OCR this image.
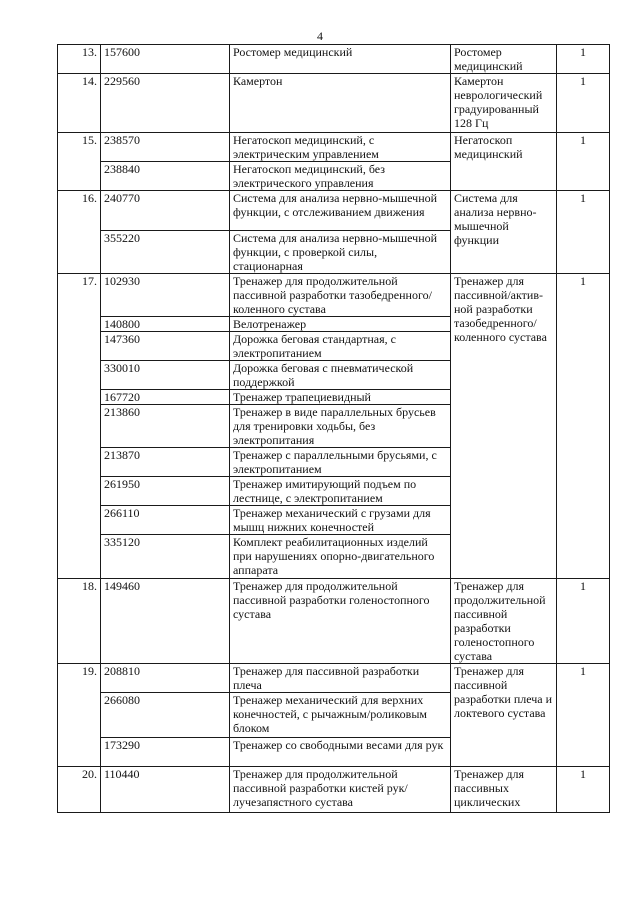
4
13.	157600	Ростомер медицинский	Ростомер медицинский	1
14.	229560	Камертон	Камертон неврологический градуированный 128 Гц	1
15.	238570	Негатоскоп медицинский, с электрическим управлением	Негатоскоп медицинский	1
	238840	Негатоскоп медицинский, без электрического управления		
16.	240770	Система для анализа нервно-мышечной функции, с отслеживанием движения	Система для анализа нервно-мышечной функции	1
	355220	Система для анализа нервно-мышечной функции, с проверкой силы, стационарная		
17.	102930	Тренажер для продолжительной пассивной разработки тазобедренного/коленного сустава	Тренажер для пассивной/актив-ной разработки тазобедренного/коленного сустава	1
	140800	Велотренажер		
	147360	Дорожка беговая стандартная, с электропитанием		
	330010	Дорожка беговая с пневматической поддержкой		
	167720	Тренажер трапециевидный		
	213860	Тренажер в виде параллельных брусьев для тренировки ходьбы, без электропитания		
	213870	Тренажер с параллельными брусьями, с электропитанием		
	261950	Тренажер имитирующий подъем по лестнице, с электропитанием		
	266110	Тренажер механический с грузами для мышц нижних конечностей		
	335120	Комплект реабилитационных изделий при нарушениях опорно-двигательного аппарата		
18.	149460	Тренажер для продолжительной пассивной разработки голеностопного сустава	Тренажер для продолжительной пассивной разработки голеностопного сустава	1
19.	208810	Тренажер для пассивной разработки плеча	Тренажер для пассивной разработки плеча и локтевого сустава	1
	266080	Тренажер механический для верхних конечностей, с рычажным/роликовым блоком		
	173290	Тренажер со свободными весами для рук		
20.	110440	Тренажер для продолжительной пассивной разработки кистей рук/лучезапястного сустава	Тренажер для пассивных циклических	1
